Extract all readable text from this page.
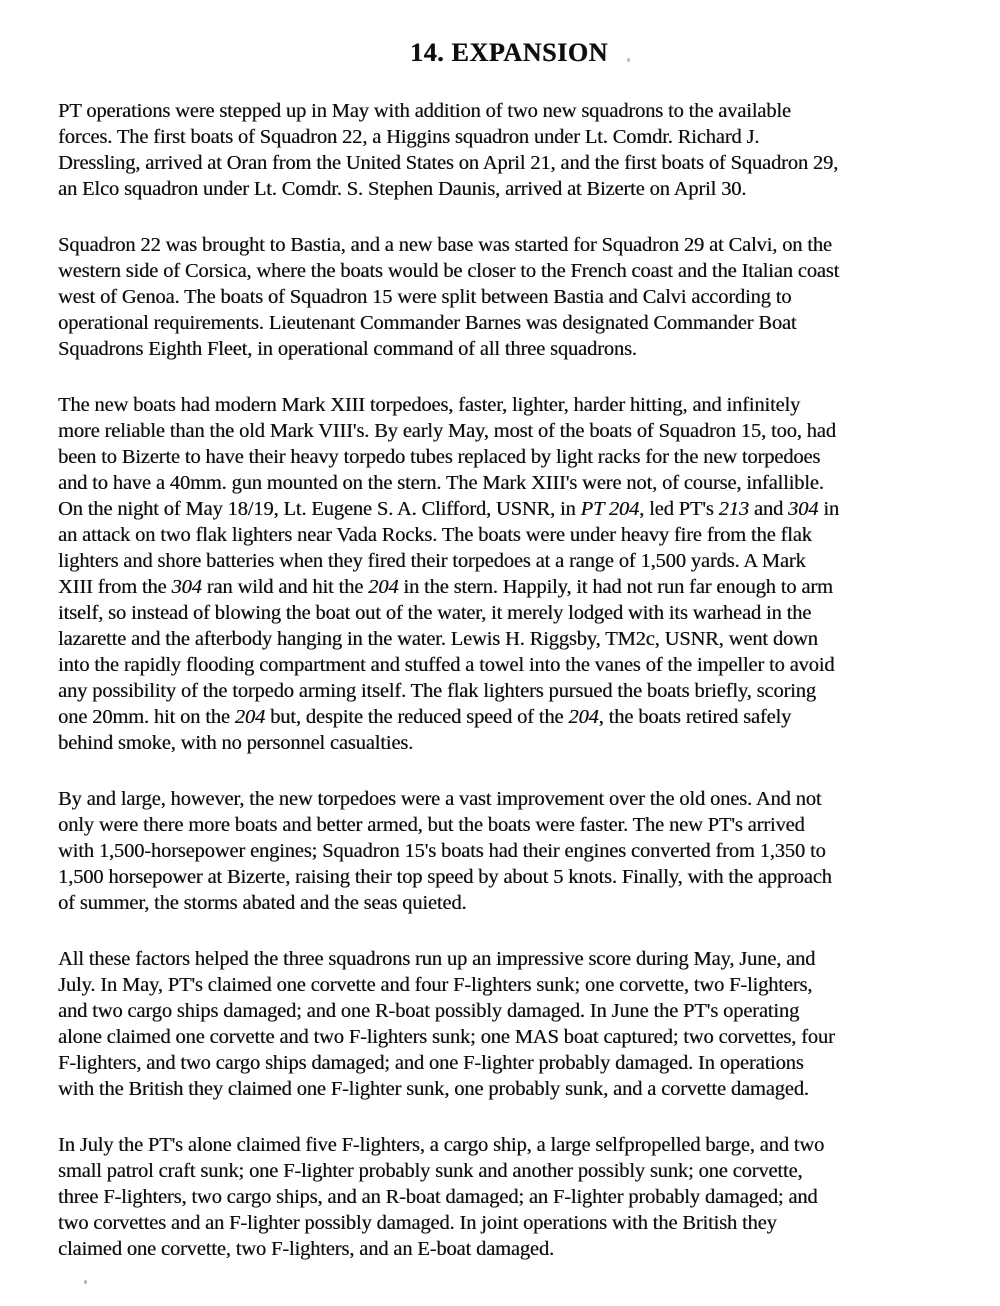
14. EXPANSION
PT operations were stepped up in May with addition of two new squadrons to the available
forces. The first boats of Squadron 22, a Higgins squadron under Lt. Comdr. Richard J.
Dressling, arrived at Oran from the United States on April 21, and the first boats of Squadron 29,
an Elco squadron under Lt. Comdr. S. Stephen Daunis, arrived at Bizerte on April 30.
Squadron 22 was brought to Bastia, and a new base was started for Squadron 29 at Calvi, on the
western side of Corsica, where the boats would be closer to the French coast and the Italian coast
west of Genoa. The boats of Squadron 15 were split between Bastia and Calvi according to
operational requirements. Lieutenant Commander Barnes was designated Commander Boat
Squadrons Eighth Fleet, in operational command of all three squadrons.
The new boats had modern Mark XIII torpedoes, faster, lighter, harder hitting, and infinitely
more reliable than the old Mark VIII's. By early May, most of the boats of Squadron 15, too, had
been to Bizerte to have their heavy torpedo tubes replaced by light racks for the new torpedoes
and to have a 40mm. gun mounted on the stern. The Mark XIII's were not, of course, infallible.
On the night of May 18/19, Lt. Eugene S. A. Clifford, USNR, in PT 204, led PT's 213 and 304 in
an attack on two flak lighters near Vada Rocks. The boats were under heavy fire from the flak
lighters and shore batteries when they fired their torpedoes at a range of 1,500 yards. A Mark
XIII from the 304 ran wild and hit the 204 in the stern. Happily, it had not run far enough to arm
itself, so instead of blowing the boat out of the water, it merely lodged with its warhead in the
lazarette and the afterbody hanging in the water. Lewis H. Riggsby, TM2c, USNR, went down
into the rapidly flooding compartment and stuffed a towel into the vanes of the impeller to avoid
any possibility of the torpedo arming itself. The flak lighters pursued the boats briefly, scoring
one 20mm. hit on the 204 but, despite the reduced speed of the 204, the boats retired safely
behind smoke, with no personnel casualties.
By and large, however, the new torpedoes were a vast improvement over the old ones. And not
only were there more boats and better armed, but the boats were faster. The new PT's arrived
with 1,500-horsepower engines; Squadron 15's boats had their engines converted from 1,350 to
1,500 horsepower at Bizerte, raising their top speed by about 5 knots. Finally, with the approach
of summer, the storms abated and the seas quieted.
All these factors helped the three squadrons run up an impressive score during May, June, and
July. In May, PT's claimed one corvette and four F-lighters sunk; one corvette, two F-lighters,
and two cargo ships damaged; and one R-boat possibly damaged. In June the PT's operating
alone claimed one corvette and two F-lighters sunk; one MAS boat captured; two corvettes, four
F-lighters, and two cargo ships damaged; and one F-lighter probably damaged. In operations
with the British they claimed one F-lighter sunk, one probably sunk, and a corvette damaged.
In July the PT's alone claimed five F-lighters, a cargo ship, a large selfpropelled barge, and two
small patrol craft sunk; one F-lighter probably sunk and another possibly sunk; one corvette,
three F-lighters, two cargo ships, and an R-boat damaged; an F-lighter probably damaged; and
two corvettes and an F-lighter possibly damaged. In joint operations with the British they
claimed one corvette, two F-lighters, and an E-boat damaged.
